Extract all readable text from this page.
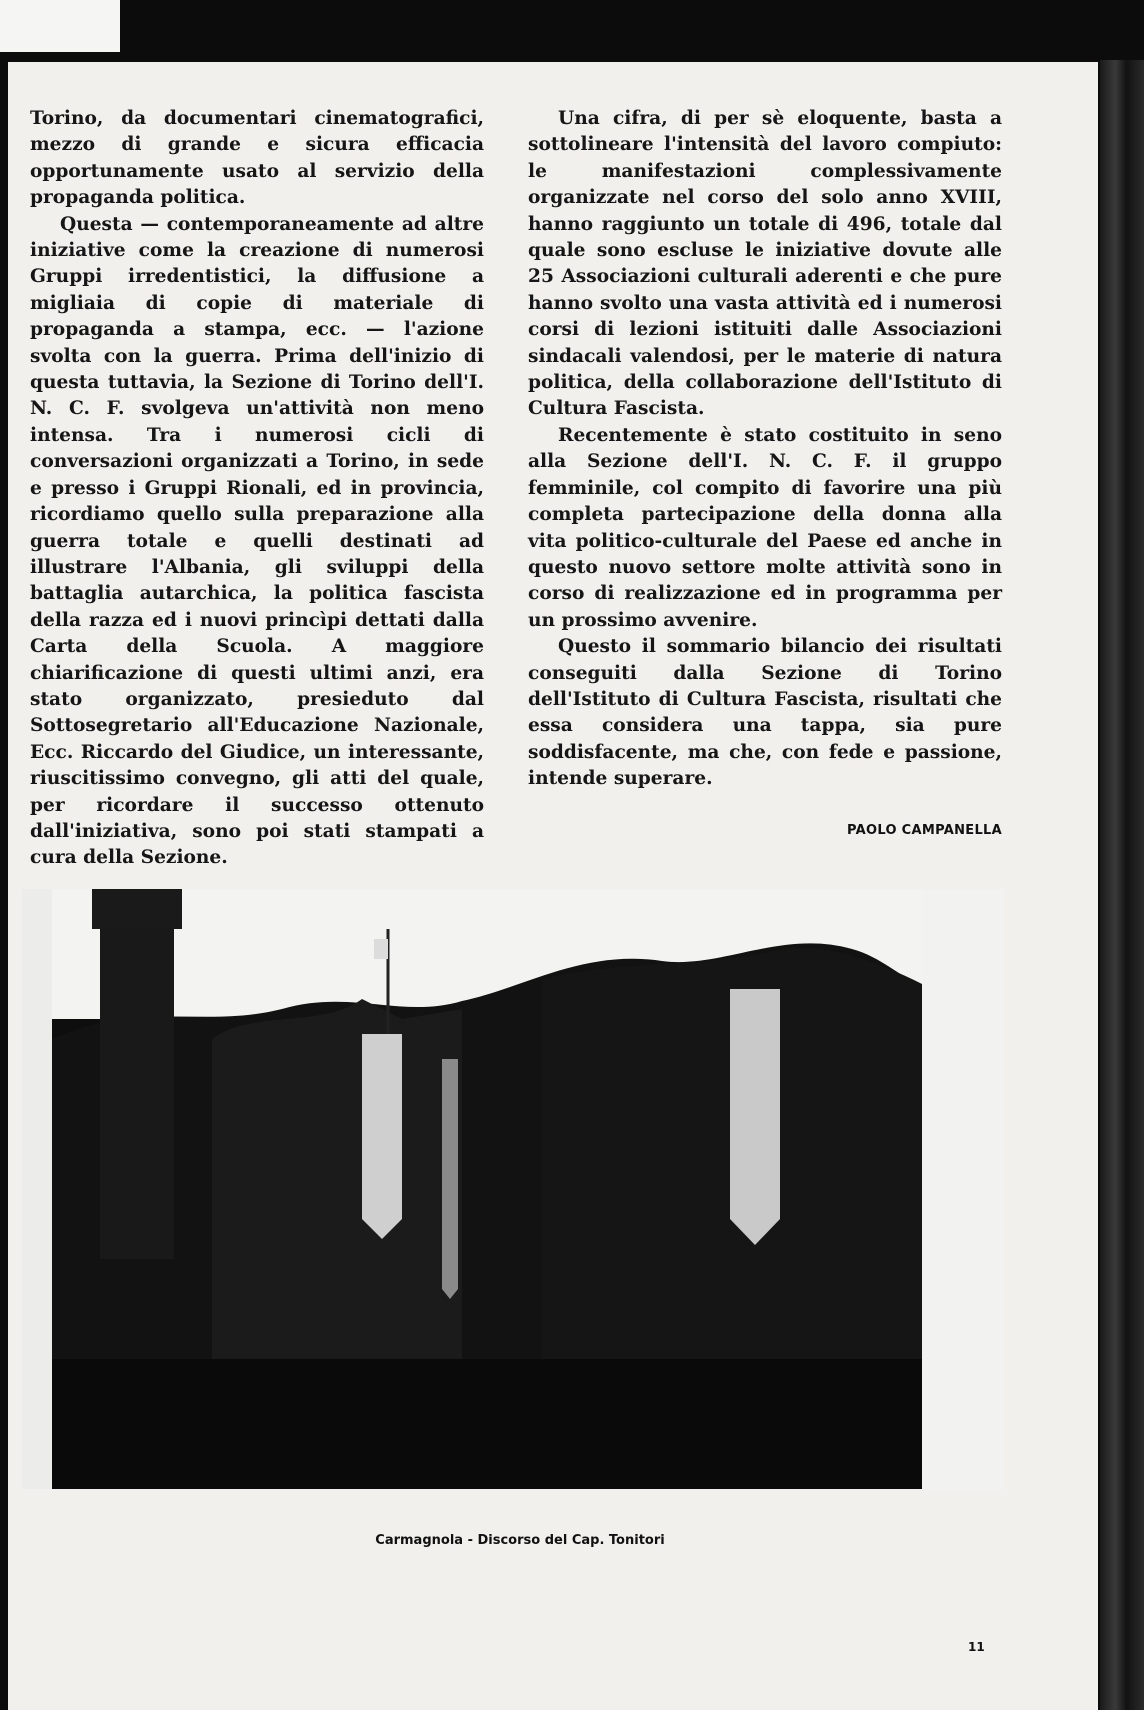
Torino, da documentari cinematografici, mezzo di grande e sicura efficacia opportunamente usato al servizio della propaganda politica.

Questa — contemporaneamente ad altre iniziative come la creazione di numerosi Gruppi irredentistici, la diffusione a migliaia di copie di materiale di propaganda a stampa, ecc. — l'azione svolta con la guerra. Prima dell'inizio di questa tuttavia, la Sezione di Torino dell'I. N. C. F. svolgeva un'attività non meno intensa. Tra i numerosi cicli di conversazioni organizzati a Torino, in sede e presso i Gruppi Rionali, ed in provincia, ricordiamo quello sulla preparazione alla guerra totale e quelli destinati ad illustrare l'Albania, gli sviluppi della battaglia autarchica, la politica fascista della razza ed i nuovi princìpi dettati dalla Carta della Scuola. A maggiore chiarificazione di questi ultimi anzi, era stato organizzato, presieduto dal Sottosegretario all'Educazione Nazionale, Ecc. Riccardo del Giudice, un interessante, riuscitissimo convegno, gli atti del quale, per ricordare il successo ottenuto dall'iniziativa, sono poi stati stampati a cura della Sezione.

Una cifra, di per sè eloquente, basta a sottolineare l'intensità del lavoro compiuto: le manifestazioni complessivamente organizzate nel corso del solo anno XVIII, hanno raggiunto un totale di 496, totale dal quale sono escluse le iniziative dovute alle 25 Associazioni culturali aderenti e che pure hanno svolto una vasta attività ed i numerosi corsi di lezioni istituiti dalle Associazioni sindacali valendosi, per le materie di natura politica, della collaborazione dell'Istituto di Cultura Fascista.

Recentemente è stato costituito in seno alla Sezione dell'I. N. C. F. il gruppo femminile, col compito di favorire una più completa partecipazione della donna alla vita politico-culturale del Paese ed anche in questo nuovo settore molte attività sono in corso di realizzazione ed in programma per un prossimo avvenire.

Questo il sommario bilancio dei risultati conseguiti dalla Sezione di Torino dell'Istituto di Cultura Fascista, risultati che essa considera una tappa, sia pure soddisfacente, ma che, con fede e passione, intende superare.

PAOLO CAMPANELLA
Carmagnola - Discorso del Cap. Tonitori
11
